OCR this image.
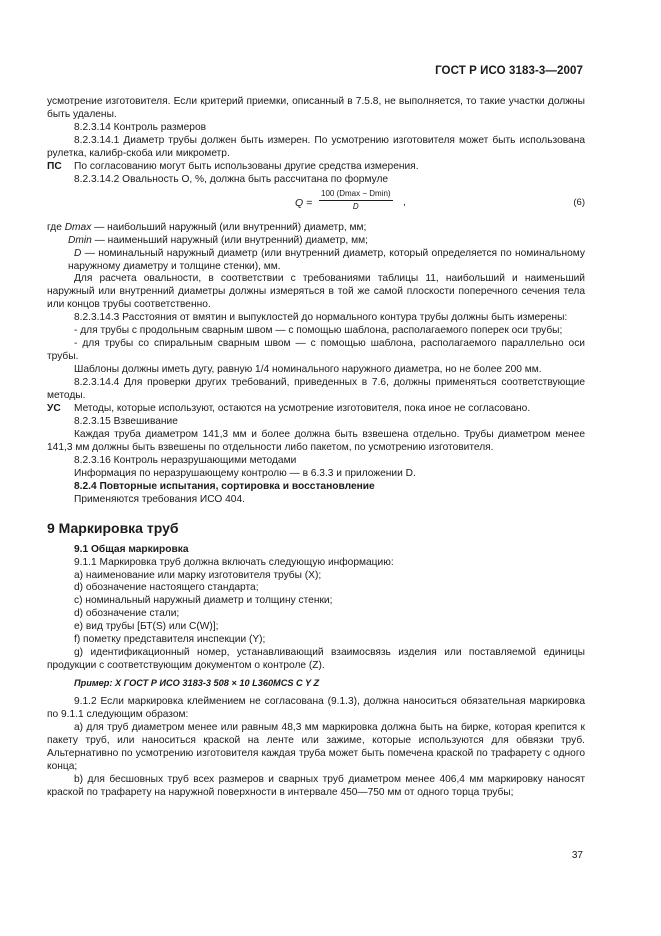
ГОСТ Р ИСО 3183-3—2007

усмотрение изготовителя. Если критерий приемки, описанный в 7.5.8, не выполняется, то такие участки должны быть удалены.

8.2.3.14 Контроль размеров

8.2.3.14.1 Диаметр трубы должен быть измерен. По усмотрению изготовителя может быть использована рулетка, калибр-скоба или микрометр.

ПС По согласованию могут быть использованы другие средства измерения.

8.2.3.14.2 Овальность О, %, должна быть рассчитана по формуле

Q =
100 (Dmax − Dmin)
D	,	(6)

где Dmax — наибольший наружный (или внутренний) диаметр, мм;

Dmin — наименьший наружный (или внутренний) диаметр, мм;

D — номинальный наружный диаметр (или внутренний диаметр, который определяется по номинальному наружному диаметру и толщине стенки), мм.

Для расчета овальности, в соответствии с требованиями таблицы 11, наибольший и наименьший наружный или внутренний диаметры должны измеряться в той же самой плоскости поперечного сечения тела или концов трубы соответственно.

8.2.3.14.3 Расстояния от вмятин и выпуклостей до нормального контура трубы должны быть измерены:

- для трубы с продольным сварным швом — с помощью шаблона, располагаемого поперек оси трубы;

- для трубы со спиральным сварным швом — с помощью шаблона, располагаемого параллельно оси трубы.

Шаблоны должны иметь дугу, равную 1/4 номинального наружного диаметра, но не более 200 мм.

8.2.3.14.4 Для проверки других требований, приведенных в 7.6, должны применяться соответствующие методы.

УС Методы, которые используют, остаются на усмотрение изготовителя, пока иное не согласовано.

8.2.3.15 Взвешивание

Каждая труба диаметром 141,3 мм и более должна быть взвешена отдельно. Трубы диаметром менее 141,3 мм должны быть взвешены по отдельности либо пакетом, по усмотрению изготовителя.

8.2.3.16 Контроль неразрушающими методами

Информация по неразрушающему контролю — в 6.3.3 и приложении D.

8.2.4 Повторные испытания, сортировка и восстановление

Применяются требования ИСО 404.

9 Маркировка труб

9.1 Общая маркировка

9.1.1 Маркировка труб должна включать следующую информацию:

а) наименование или марку изготовителя трубы (X);

d) обозначение настоящего стандарта;

с) номинальный наружный диаметр и толщину стенки;

d) обозначение стали;

е) вид трубы [БТ(S) или C(W)];

f) пометку представителя инспекции (Y);

g) идентификационный номер, устанавливающий взаимосвязь изделия или поставляемой единицы продукции с соответствующим документом о контроле (Z).

Пример: X ГОСТ Р ИСО 3183-3 508 × 10 L360MCS C Y Z

9.1.2 Если маркировка клеймением не согласована (9.1.3), должна наноситься обязательная маркировка по 9.1.1 следующим образом:

а) для труб диаметром менее или равным 48,3 мм маркировка должна быть на бирке, которая крепится к пакету труб, или наноситься краской на ленте или зажиме, которые используются для обвязки труб. Альтернативно по усмотрению изготовителя каждая труба может быть помечена краской по трафарету с одного конца;

b) для бесшовных труб всех размеров и сварных труб диаметром менее 406,4 мм маркировку наносят краской по трафарету на наружной поверхности в интервале 450—750 мм от одного торца трубы;

37
